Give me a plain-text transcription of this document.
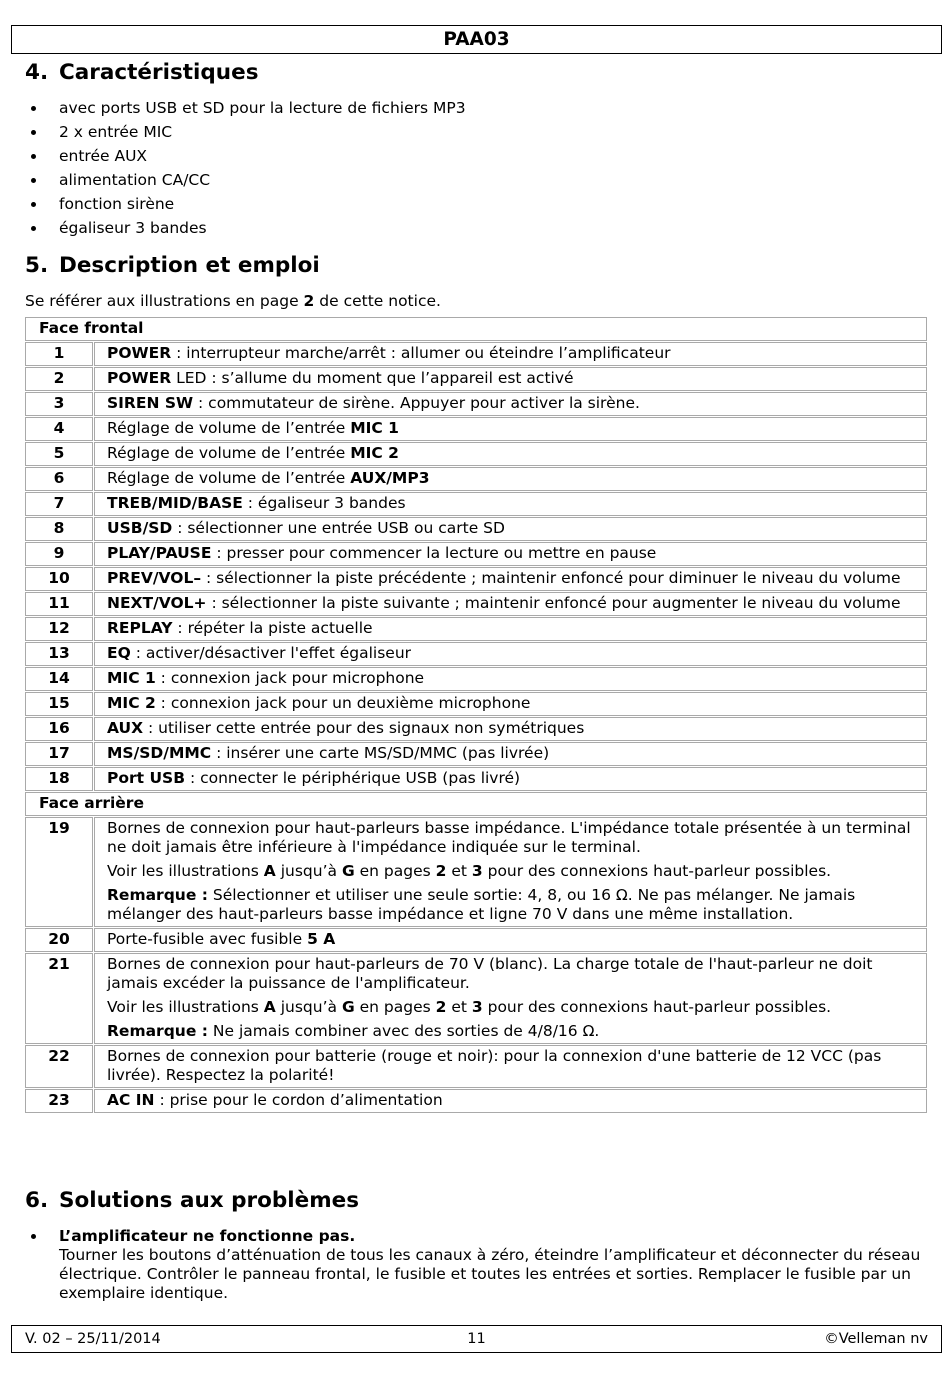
PAA03
4. Caractéristiques
avec ports USB et SD pour la lecture de fichiers MP3
2 x entrée MIC
entrée AUX
alimentation CA/CC
fonction sirène
égaliseur 3 bandes
5. Description et emploi
Se référer aux illustrations en page 2 de cette notice.
Face frontal	
1	POWER : interrupteur marche/arrêt : allumer ou éteindre l’amplificateur

2	POWER LED : s’allume du moment que l’appareil est activé

3	SIREN SW : commutateur de sirène. Appuyer pour activer la sirène.

4	Réglage de volume de l’entrée MIC 1

5	Réglage de volume de l’entrée MIC 2

6	Réglage de volume de l’entrée AUX/MP3

7	TREB/MID/BASE : égaliseur 3 bandes

8	USB/SD : sélectionner une entrée USB ou carte SD

9	PLAY/PAUSE : presser pour commencer la lecture ou mettre en pause

10	PREV/VOL– : sélectionner la piste précédente ; maintenir enfoncé pour diminuer le niveau du volume

11	NEXT/VOL+ : sélectionner la piste suivante ; maintenir enfoncé pour augmenter le niveau du volume

12	REPLAY : répéter la piste actuelle

13	EQ : activer/désactiver l'effet égaliseur

14	MIC 1 : connexion jack pour microphone

15	MIC 2 : connexion jack pour un deuxième microphone

16	AUX : utiliser cette entrée pour des signaux non symétriques

17	MS/SD/MMC : insérer une carte MS/SD/MMC (pas livrée)

18	Port USB : connecter le périphérique USB (pas livré)

Face arrière	
19	Bornes de connexion pour haut-parleurs basse impédance. L'impédance totale présentée à un terminal ne doit jamais être inférieure à l'impédance indiquée sur le terminal.
Voir les illustrations A jusqu’à G en pages 2 et 3 pour des connexions haut-parleur possibles.
Remarque : Sélectionner et utiliser une seule sortie: 4, 8, ou 16 Ω. Ne pas mélanger. Ne jamais mélanger des haut-parleurs basse impédance et ligne 70 V dans une même installation.

20	Porte-fusible avec fusible 5 A

21	Bornes de connexion pour haut-parleurs de 70 V (blanc). La charge totale de l'haut-parleur ne doit jamais excéder la puissance de l'amplificateur.
Voir les illustrations A jusqu’à G en pages 2 et 3 pour des connexions haut-parleur possibles.
Remarque : Ne jamais combiner avec des sorties de 4/8/16 Ω.

22	Bornes de connexion pour batterie (rouge et noir): pour la connexion d'une batterie de 12 VCC (pas livrée). Respectez la polarité!

23	AC IN : prise pour le cordon d’alimentation
6. Solutions aux problèmes
L’amplificateur ne fonctionne pas.
Tourner les boutons d’atténuation de tous les canaux à zéro, éteindre l’amplificateur et déconnecter du réseau électrique. Contrôler le panneau frontal, le fusible et toutes les entrées et sorties. Remplacer le fusible par un exemplaire identique.
11
V. 02 – 25/11/2014	©Velleman nv
